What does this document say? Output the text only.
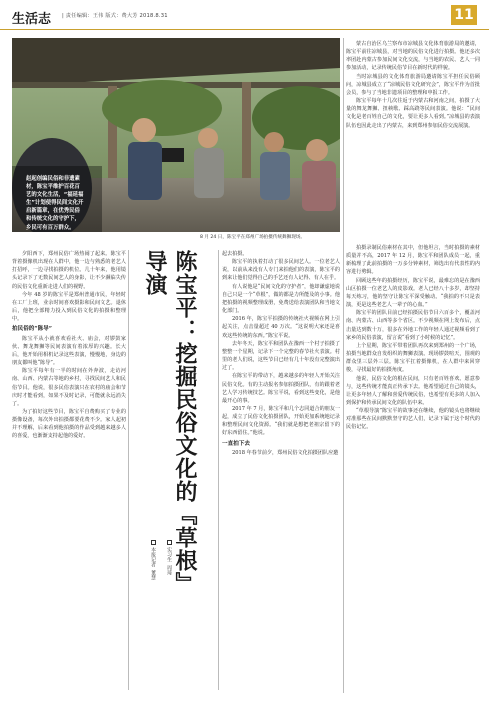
生活志 | 责任编辑：王伟 版式：费大芳 2018.8.31	11
赵起创编民俗和非遗素材，陈宝平维护百花百艺的文化生活，“福延福生”计划使得民间文化开启新篇章，在优秀民俗和传统文化的守护下，乡民可有百万群众。
8 月 24 日，陈宝平在郑州广场拍摄传统舞狮现场。

蒙古自治区乌兰察布市凉城县文化体育旅游局的邀请，陈宝平前往凉城县，对当地的民俗文化进行拍摄。他还多次率团赴内蒙古参加民间文化交流，与当地的农民、艺人一同参加活动，记录传统民俗节目在新时代的样貌。

当时凉城县的文化体育旅游局邀请陈宝平担任民俗顾问，凉城县成立了“凉城民俗文化研究会”，陈宝平作为首批会员，参与了当地非遗项目的整理和申报工作。

陈宝平每年十几次往返于内蒙古和河南之间，拍摄了大量的舞龙舞狮、扭秧歌、踩高跷等民间表演。他说：“民间文化是老百姓自己的文化，要让更多人看到。”凉城县的表演队伍也因此走出了内蒙古，来到郑州参加民俗交流展演。

夕阳西下，郑州民俗广场热闹了起来。陈宝平背着摄像机出现在人群中，他一边与熟悉的老艺人打招呼，一边寻找拍摄的机位。几十年来，他用镜头记录下了无数民间艺人的身影，让不少濒临失传的民俗文化重新走进人们的视野。

今年 48 岁的陈宝平是郑州普通市民，年轻时在工厂上班，业余时间喜欢摄影和民间文艺。退休后，他把全部精力投入到民俗文化的拍摄和整理中。

拍民俗的“陈导”

陈宝平从小就喜欢看社火、庙会，对锣鼓家伙、舞龙舞狮等民间表演有着浓厚的兴趣。长大后，他开始用相机记录这些表演，慢慢地，身边的朋友都叫他“陈导”。

陈宝平每年有一半的时间在外奔波，走访河南、山西、内蒙古等地的乡村，寻找民间艺人和民俗节目。他说，很多民俗表演只在农村的庙会和节庆时才能看到，如果不及时记录，可能就永远消失了。

为了拍好这些节目，陈宝平自费购买了专业的摄像设备，每次外出拍摄都要花费不少。家人起初并不理解，后来看到他拍摄的作品受到越来越多人的喜爱，也渐渐支持起他的爱好。	陈宝平：挖掘民俗文化的『草根』导演
本报记者  董慧
实习生  周琦

起去拍摄。

陈宝平的执着打动了很多民间艺人。一位老艺人说，以前从来没有人专门来拍他们的表演，陈宝平的到来让他们觉得自己的手艺还有人记得、有人在乎。

有人说他是“民间文化的守护者”，他却谦虚地说自己只是一个“草根”，做的都是力所能及的小事。他把拍摄的视频整理成册，免费送给表演团队和当地文化部门。

2016 年，陈宝平拍摄的传统社火视频在网上引起关注，点击量超过 40 万次。“这说明大家还是喜欢这些传统的东西。”陈宝平说。

去年冬天，陈宝平和团队在豫西一个村子拍摄了整整一个星期，记录下一个完整的春节社火表演。村里的老人们说，这些节目已经有几十年没有完整演出过了。

在陈宝平的带动下，越来越多的年轻人开始关注民俗文化。有的主动报名参加拍摄团队，有的跟着老艺人学习传统技艺。陈宝平说，看到这些变化，是他最开心的事。

2017 年 7 月，陈宝平和几个志同道合的朋友一起，成立了民俗文化拍摄团队，开始更加系统地记录和整理民间文化资源。“我们就是想把老祖宗留下的好东西留住。”他说。

一直拍下去

2018 年春节前夕，郑州民俗文化拍摄团队应邀

拍摄录制民俗素材在其中，但他坦言，当时拍摄的素材质量并不高，2017 年 12 月，陈宝平和团队成员一起，重新梳理了此前拍摄的一万多分钟素材，筛选出有代表性的内容进行剪辑。

回顾这些年的拍摄经历，陈宝平说，最难忘的是在豫西山区拍摄一位老艺人的皮影戏。老人已经八十多岁，却坚持每天练习，他的坚守让陈宝平深受触动。“我拍的不只是表演，更是这些老艺人一辈子的心血。”

陈宝平的团队目前已经拍摄民俗节目六百多个，覆盖河南、内蒙古、山西等多个省区。不少视频在网上发布后，点击量达到数十万，很多在外地工作的年轻人通过视频看到了家乡的民俗表演，留言说“看到了小时候的记忆”。

上个星期，陈宝平带着团队再次来到郑州的一个广场，拍摄当地群众自发组织的舞狮表演。现场锣鼓喧天，围观的群众里三层外三层。陈宝平扛着摄像机，在人群中来回穿梭，寻找最好的拍摄角度。

他说，民俗文化的根在民间，只有老百姓喜欢、愿意参与，这些传统才能真正传承下去。他希望通过自己的镜头，让更多年轻人了解和喜爱传统民俗，也希望有更多的人加入到保护和传承民间文化的队伍中来。

“草根导演”陈宝平的故事还在继续，他的镜头也将继续对准那些在民间默默坚守的艺人们，记录下属于这个时代的民俗记忆。
